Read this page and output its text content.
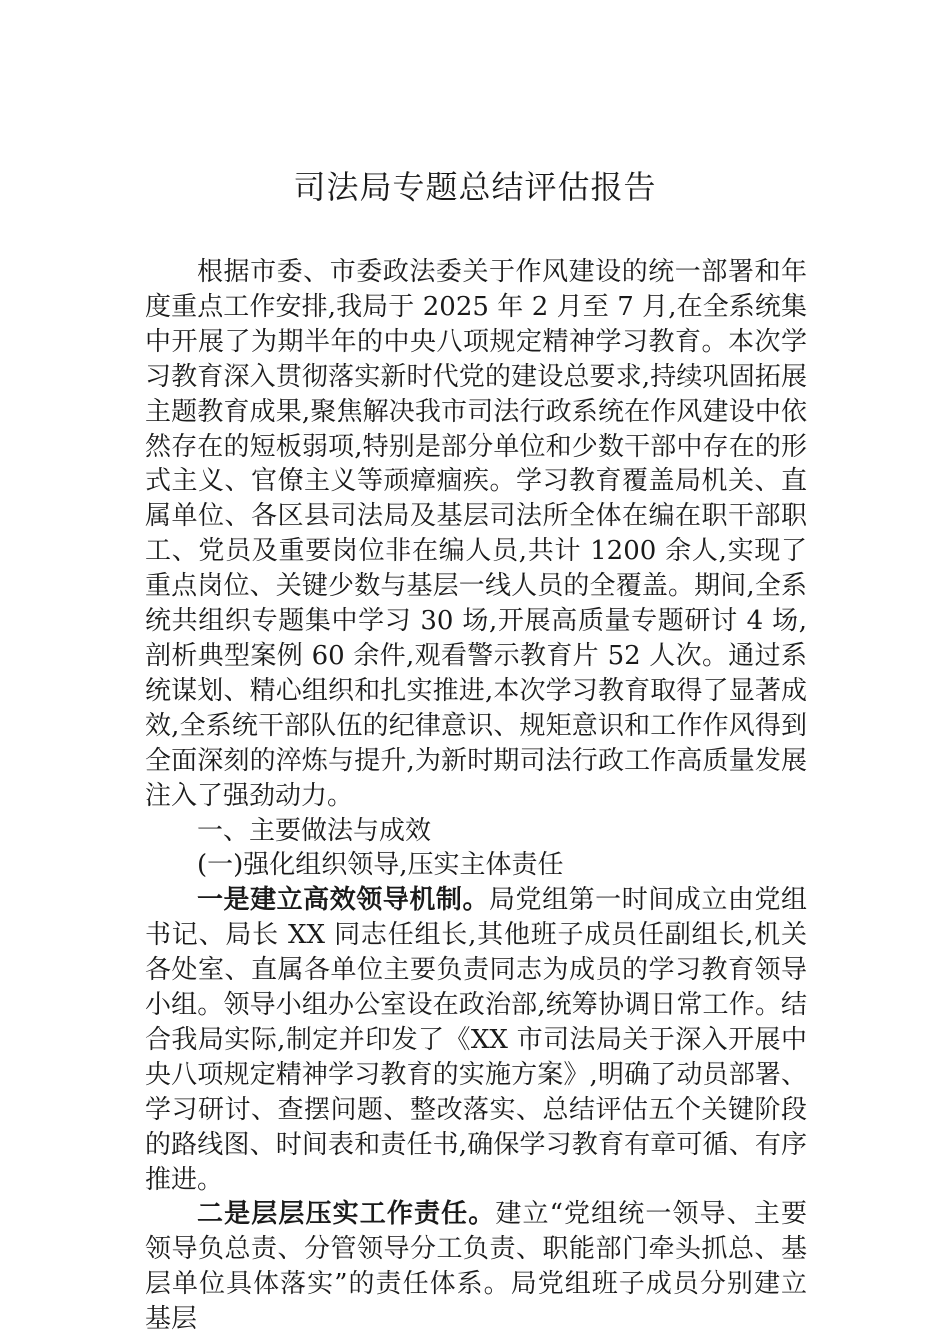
司法局专题总结评估报告

根据市委、市委政法委关于作风建设的统一部署和年度重点工作安排,我局于 2025 年 2 月至 7 月,在全系统集中开展了为期半年的中央八项规定精神学习教育。本次学习教育深入贯彻落实新时代党的建设总要求,持续巩固拓展主题教育成果,聚焦解决我市司法行政系统在作风建设中依然存在的短板弱项,特别是部分单位和少数干部中存在的形式主义、官僚主义等顽瘴痼疾。学习教育覆盖局机关、直属单位、各区县司法局及基层司法所全体在编在职干部职工、党员及重要岗位非在编人员,共计 1200 余人,实现了重点岗位、关键少数与基层一线人员的全覆盖。期间,全系统共组织专题集中学习 30 场,开展高质量专题研讨 4 场,剖析典型案例 60 余件,观看警示教育片 52 人次。通过系统谋划、精心组织和扎实推进,本次学习教育取得了显著成效,全系统干部队伍的纪律意识、规矩意识和工作作风得到全面深刻的淬炼与提升,为新时期司法行政工作高质量发展注入了强劲动力。

一、主要做法与成效

(一)强化组织领导,压实主体责任

一是建立高效领导机制。局党组第一时间成立由党组书记、局长 XX 同志任组长,其他班子成员任副组长,机关各处室、直属各单位主要负责同志为成员的学习教育领导小组。领导小组办公室设在政治部,统筹协调日常工作。结合我局实际,制定并印发了《XX 市司法局关于深入开展中央八项规定精神学习教育的实施方案》,明确了动员部署、学习研讨、查摆问题、整改落实、总结评估五个关键阶段的路线图、时间表和责任书,确保学习教育有章可循、有序推进。

二是层层压实工作责任。建立“党组统一领导、主要领导负总责、分管领导分工负责、职能部门牵头抓总、基层单位具体落实”的责任体系。局党组班子成员分别建立基层
